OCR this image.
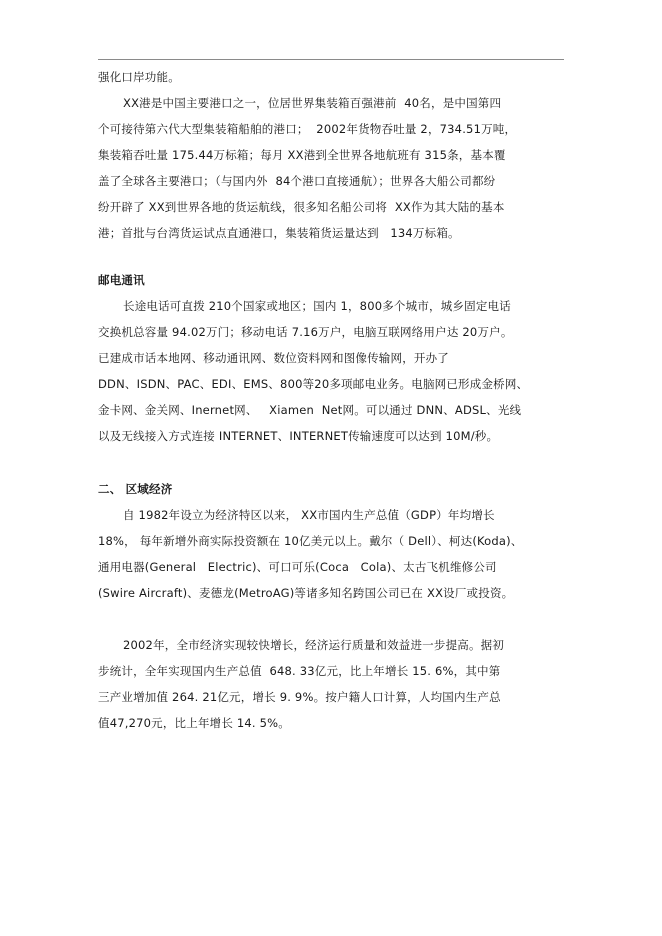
强化口岸功能。
XX港是中国主要港口之一，位居世界集装箱百强港前  40名，是中国第四
个可接待第六代大型集装箱船舶的港口；  2002年货物吞吐量 2，734.51万吨，
集装箱吞吐量 175.44万标箱；每月 XX港到全世界各地航班有 315条，基本覆
盖了全球各主要港口；（与国内外  84个港口直接通航）；世界各大船公司都纷
纷开辟了 XX到世界各地的货运航线，很多知名船公司将  XX作为其大陆的基本
港；首批与台湾货运试点直通港口，集装箱货运量达到   134万标箱。
邮电通讯
长途电话可直拨 210个国家或地区；国内 1，800多个城市，城乡固定电话
交换机总容量 94.02万门；移动电话 7.16万户，电脑互联网络用户达 20万户。
已建成市话本地网、移动通讯网、数位资料网和图像传输网，开办了
DDN、ISDN、PAC、EDI、EMS、800等20多项邮电业务。电脑网已形成金桥网、
金卡网、金关网、Inernet网、   Xiamen  Net网。可以通过 DNN、ADSL、光线
以及无线接入方式连接 INTERNET、INTERNET传输速度可以达到 10M/秒。
二、 区域经济
自 1982年设立为经济特区以来， XX市国内生产总值（GDP）年均增长
18%， 每年新增外商实际投资额在 10亿美元以上。戴尔（ Dell）、柯达(Koda)、
通用电器(General   Electric)、可口可乐(Coca   Cola)、太古飞机维修公司
(Swire Aircraft)、麦德龙(MetroAG)等诸多知名跨国公司已在 XX设厂或投资。
2002年，全市经济实现较快增长，经济运行质量和效益进一步提高。据初
步统计，全年实现国内生产总值  648. 33亿元，比上年增长 15. 6%，其中第
三产业增加值 264. 21亿元，增长 9. 9%。按户籍人口计算，人均国内生产总
值47,270元，比上年增长 14. 5%。
